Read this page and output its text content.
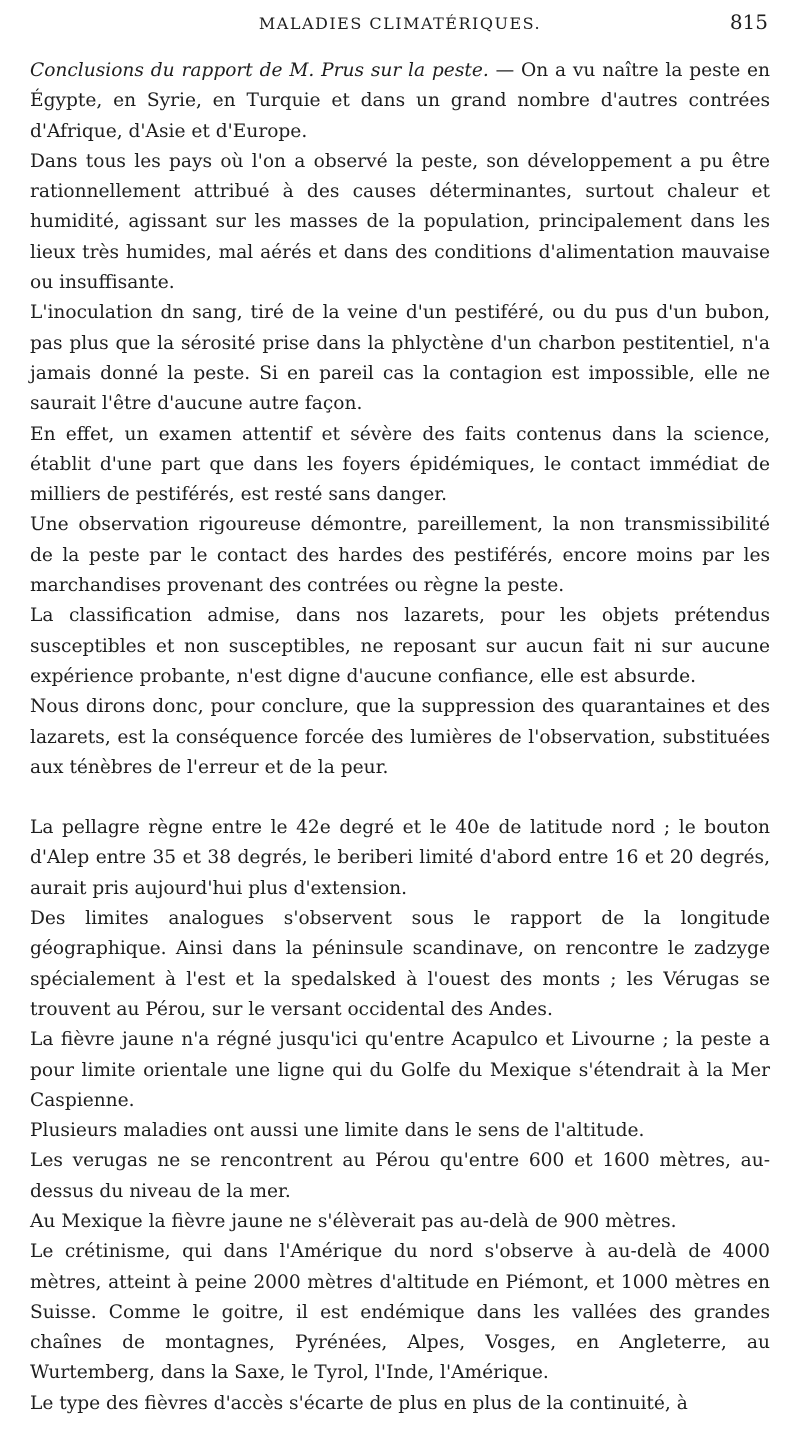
MALADIES CLIMATÉRIQUES.	815

Conclusions du rapport de M. Prus sur la peste. — On a vu naître la peste en Égypte, en Syrie, en Turquie et dans un grand nombre d'autres contrées d'Afrique, d'Asie et d'Europe.

Dans tous les pays où l'on a observé la peste, son développement a pu être rationnellement attribué à des causes déterminantes, surtout chaleur et humidité, agissant sur les masses de la population, principalement dans les lieux très humides, mal aérés et dans des conditions d'alimentation mauvaise ou insuffisante.

L'inoculation dn sang, tiré de la veine d'un pestiféré, ou du pus d'un bubon, pas plus que la sérosité prise dans la phlyctène d'un charbon pestitentiel, n'a jamais donné la peste. Si en pareil cas la contagion est impossible, elle ne saurait l'être d'aucune autre façon.

En effet, un examen attentif et sévère des faits contenus dans la science, établit d'une part que dans les foyers épidémiques, le contact immédiat de milliers de pestiférés, est resté sans danger.

Une observation rigoureuse démontre, pareillement, la non transmissibilité de la peste par le contact des hardes des pestiférés, encore moins par les marchandises provenant des contrées ou règne la peste.

La classification admise, dans nos lazarets, pour les objets prétendus susceptibles et non susceptibles, ne reposant sur aucun fait ni sur aucune expérience probante, n'est digne d'aucune confiance, elle est absurde.

Nous dirons donc, pour conclure, que la suppression des quarantaines et des lazarets, est la conséquence forcée des lumières de l'observation, substituées aux ténèbres de l'erreur et de la peur.

La pellagre règne entre le 42e degré et le 40e de latitude nord ; le bouton d'Alep entre 35 et 38 degrés, le beriberi limité d'abord entre 16 et 20 degrés, aurait pris aujourd'hui plus d'extension.

Des limites analogues s'observent sous le rapport de la longitude géographique. Ainsi dans la péninsule scandinave, on rencontre le zadzyge spécialement à l'est et la spedalsked à l'ouest des monts ; les Vérugas se trouvent au Pérou, sur le versant occidental des Andes.

La fièvre jaune n'a régné jusqu'ici qu'entre Acapulco et Livourne ; la peste a pour limite orientale une ligne qui du Golfe du Mexique s'étendrait à la Mer Caspienne.

Plusieurs maladies ont aussi une limite dans le sens de l'altitude.

Les verugas ne se rencontrent au Pérou qu'entre 600 et 1600 mètres, au-dessus du niveau de la mer.

Au Mexique la fièvre jaune ne s'élèverait pas au-delà de 900 mètres.

Le crétinisme, qui dans l'Amérique du nord s'observe à au-delà de 4000 mètres, atteint à peine 2000 mètres d'altitude en Piémont, et 1000 mètres en Suisse. Comme le goitre, il est endémique dans les vallées des grandes chaînes de montagnes, Pyrénées, Alpes, Vosges, en Angleterre, au Wurtemberg, dans la Saxe, le Tyrol, l'Inde, l'Amérique.

Le type des fièvres d'accès s'écarte de plus en plus de la continuité, à
